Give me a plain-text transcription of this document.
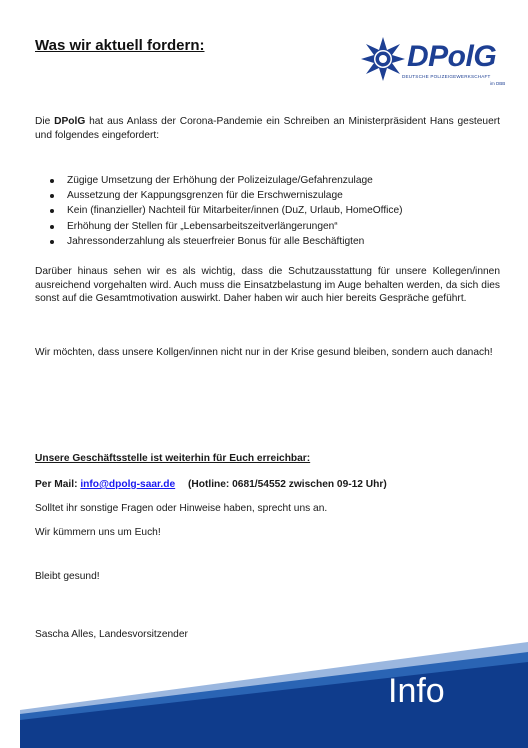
Was wir aktuell fordern:	DPolG
DEUTSCHE POLIZEIGEWERKSCHAFT
im DBB
Die DPolG hat aus Anlass der Corona-Pandemie ein Schreiben an Ministerpräsident Hans gesteuert und folgendes eingefordert:
Zügige Umsetzung der Erhöhung der Polizeizulage/Gefahrenzulage
Aussetzung der Kappungsgrenzen für die Erschwerniszulage
Kein (finanzieller) Nachteil für Mitarbeiter/innen (DuZ, Urlaub, HomeOffice)
Erhöhung der Stellen für „Lebensarbeitszeitverlängerungen“
Jahressonderzahlung als steuerfreier Bonus für alle Beschäftigten
Darüber hinaus sehen wir es als wichtig, dass die Schutzausstattung für unsere Kollegen/innen ausreichend vorgehalten wird. Auch muss die Einsatzbelastung im Auge behalten werden, da sich dies sonst auf die Gesamtmotivation auswirkt. Daher haben wir auch hier bereits Gespräche geführt.
Wir möchten, dass unsere Kollgen/innen nicht nur in der Krise gesund bleiben, sondern auch danach!
Unsere Geschäftsstelle ist weiterhin für Euch erreichbar:
Per Mail: info@dpolg-saar.de (Hotline: 0681/54552 zwischen 09-12 Uhr)
Solltet ihr sonstige Fragen oder Hinweise haben, sprecht uns an.
Wir kümmern uns um Euch!
Bleibt gesund!
Sascha Alles, Landesvorsitzender
Info
